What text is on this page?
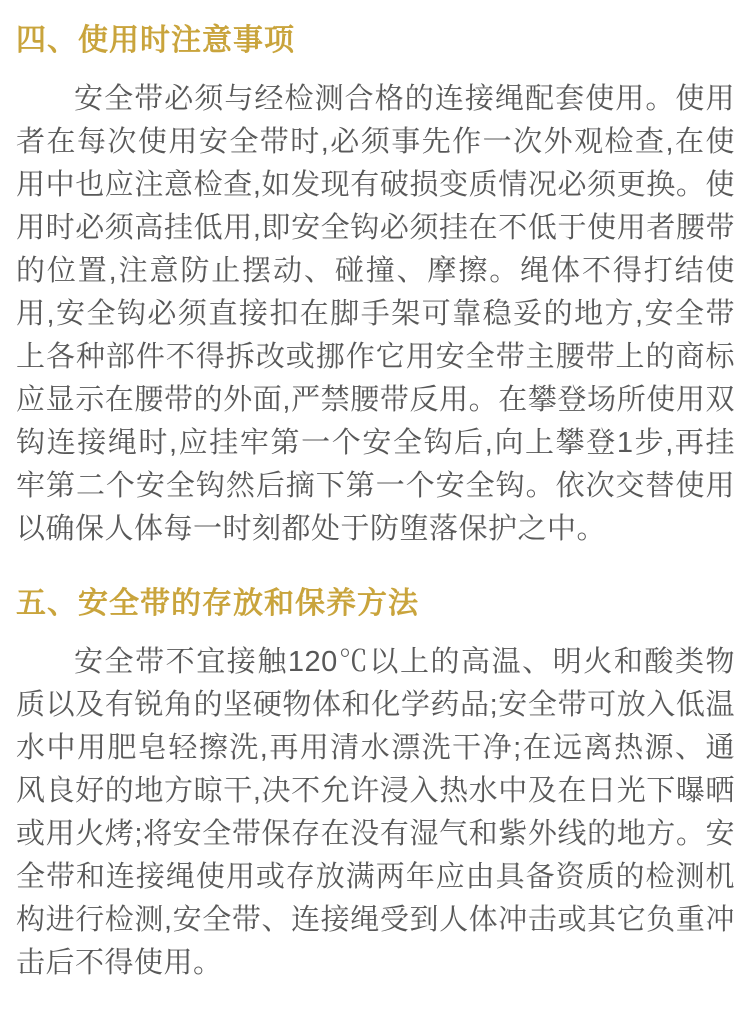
四、使用时注意事项

安全带必须与经检测合格的连接绳配套使用。使用者在每次使用安全带时,必须事先作一次外观检查,在使用中也应注意检查,如发现有破损变质情况必须更换。使用时必须高挂低用,即安全钩必须挂在不低于使用者腰带的位置,注意防止摆动、碰撞、摩擦。绳体不得打结使用,安全钩必须直接扣在脚手架可靠稳妥的地方,安全带上各种部件不得拆改或挪作它用安全带主腰带上的商标应显示在腰带的外面,严禁腰带反用。在攀登场所使用双钩连接绳时,应挂牢第一个安全钩后,向上攀登1步,再挂牢第二个安全钩然后摘下第一个安全钩。依次交替使用以确保人体每一时刻都处于防堕落保护之中。

五、安全带的存放和保养方法

安全带不宜接触120℃以上的高温、明火和酸类物质以及有锐角的坚硬物体和化学药品;安全带可放入低温水中用肥皂轻擦洗,再用清水漂洗干净;在远离热源、通风良好的地方晾干,决不允许浸入热水中及在日光下曝晒或用火烤;将安全带保存在没有湿气和紫外线的地方。安全带和连接绳使用或存放满两年应由具备资质的检测机构进行检测,安全带、连接绳受到人体冲击或其它负重冲击后不得使用。
